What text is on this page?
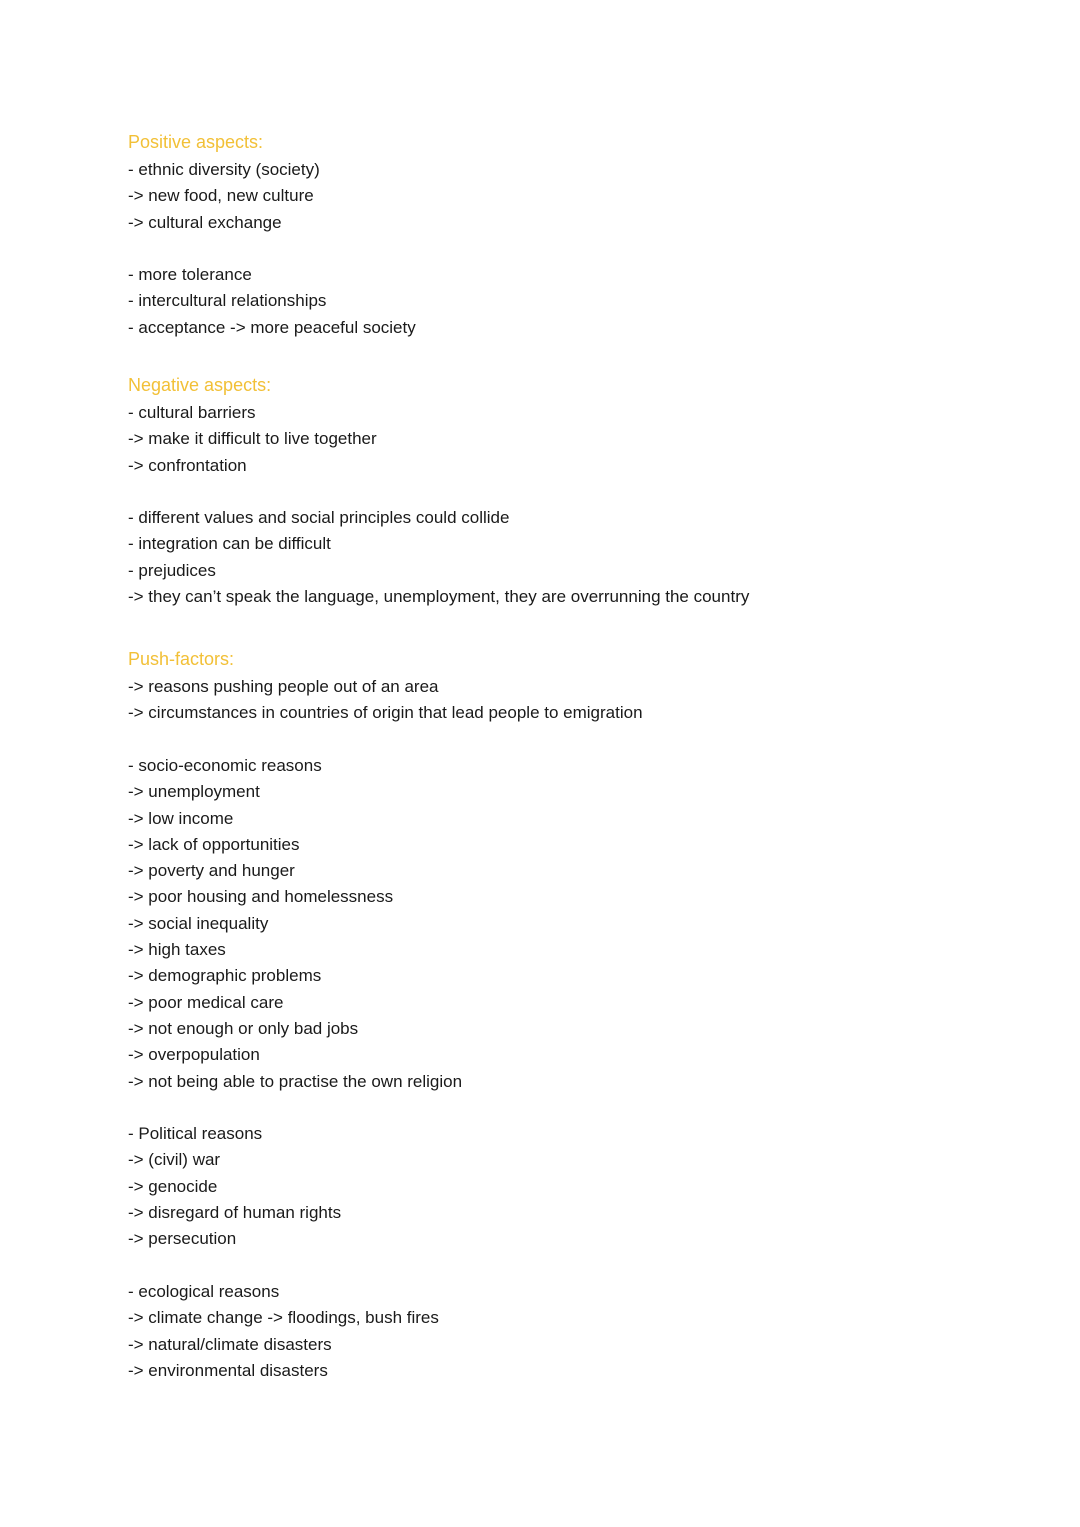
Positive aspects:
- ethnic diversity (society)
-> new food, new culture
-> cultural exchange
- more tolerance
- intercultural relationships
- acceptance -> more peaceful society
Negative aspects:
- cultural barriers
-> make it difficult to live together
-> confrontation
- different values and social principles could collide
- integration can be difficult
- prejudices
-> they can’t speak the language, unemployment, they are overrunning the country
Push-factors:
-> reasons pushing people out of an area
-> circumstances in countries of origin that lead people to emigration
- socio-economic reasons
-> unemployment
-> low income
-> lack of opportunities
-> poverty and hunger
-> poor housing and homelessness
-> social inequality
-> high taxes
-> demographic problems
-> poor medical care
-> not enough or only bad jobs
-> overpopulation
-> not being able to practise the own religion
- Political reasons
-> (civil) war
-> genocide
-> disregard of human rights
-> persecution
- ecological reasons
-> climate change -> floodings, bush fires
-> natural/climate disasters
-> environmental disasters
